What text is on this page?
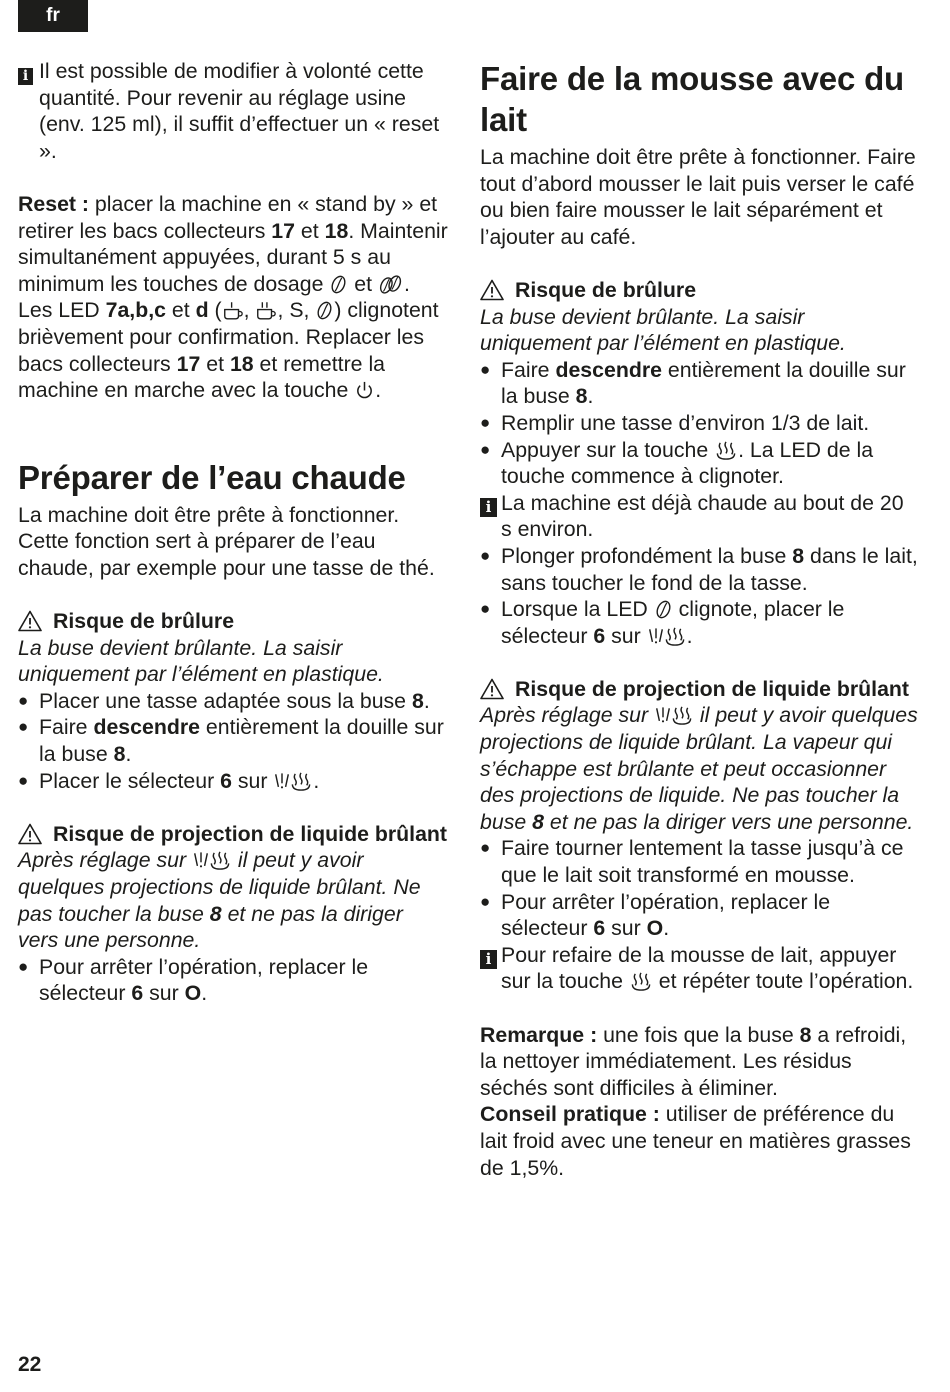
fr
i Il est possible de modifier à volonté cette quantité. Pour revenir au réglage usine (env. 125 ml), il suffit d’effectuer un « reset ».

Reset : placer la machine en « stand by » et retirer les bacs collecteurs 17 et 18. Maintenir simultanément appuyées, durant 5 s au minimum les touches de dosage
et
. Les LED 7a,b,c et d ( ,
, S,
) clignotent brièvement pour confirmation. Replacer les bacs collecteurs 17 et 18 et remettre la machine en marche avec la touche
.

Préparer de l’eau chaude

La machine doit être prête à fonctionner. Cette fonction sert à préparer de l’eau chaude, par exemple pour une tasse de thé.

Risque de brûlure

La buse devient brûlante. La saisir uniquement par l’élément en plastique.

● Placer une tasse adaptée sous la buse 8.
● Faire descendre entièrement la douille sur la buse 8.
● Placer le sélecteur 6 sur
.
Risque de projection de liquide brûlant

Après réglage sur
il peut y avoir quelques projections de liquide brûlant. Ne pas toucher la buse 8 et ne pas la diriger vers une personne.

● Pour arrêter l’opération, replacer le sélecteur 6 sur O.
Faire de la mousse avec du lait

La machine doit être prête à fonctionner. Faire tout d’abord mousser le lait puis verser le café ou bien faire mousser le lait séparément et l’ajouter au café.

Risque de brûlure

La buse devient brûlante. La saisir uniquement par l’élément en plastique.

● Faire descendre entièrement la douille sur la buse 8.
● Remplir une tasse d’environ 1/3 de lait.
● Appuyer sur la touche
. La LED de la touche commence à clignoter.
i La machine est déjà chaude au bout de 20 s environ.
● Plonger profondément la buse 8 dans le lait, sans toucher le fond de la tasse.
● Lorsque la LED
clignote, placer le sélecteur 6 sur
.
Risque de projection de liquide brûlant

Après réglage sur
il peut y avoir quelques projections de liquide brûlant. La vapeur qui s’échappe est brûlante et peut occasionner des projections de liquide. Ne pas toucher la buse 8 et ne pas la diriger vers une personne.

● Faire tourner lentement la tasse jusqu’à ce que le lait soit transformé en mousse.
● Pour arrêter l’opération, replacer le sélecteur 6 sur O.
i Pour refaire de la mousse de lait, appuyer sur la touche
et répéter toute l’opération.

Remarque : une fois que la buse 8 a refroidi, la nettoyer immédiatement. Les résidus séchés sont difficiles à éliminer.

Conseil pratique : utiliser de préférence du lait froid avec une teneur en matières grasses de 1,5%.

22
